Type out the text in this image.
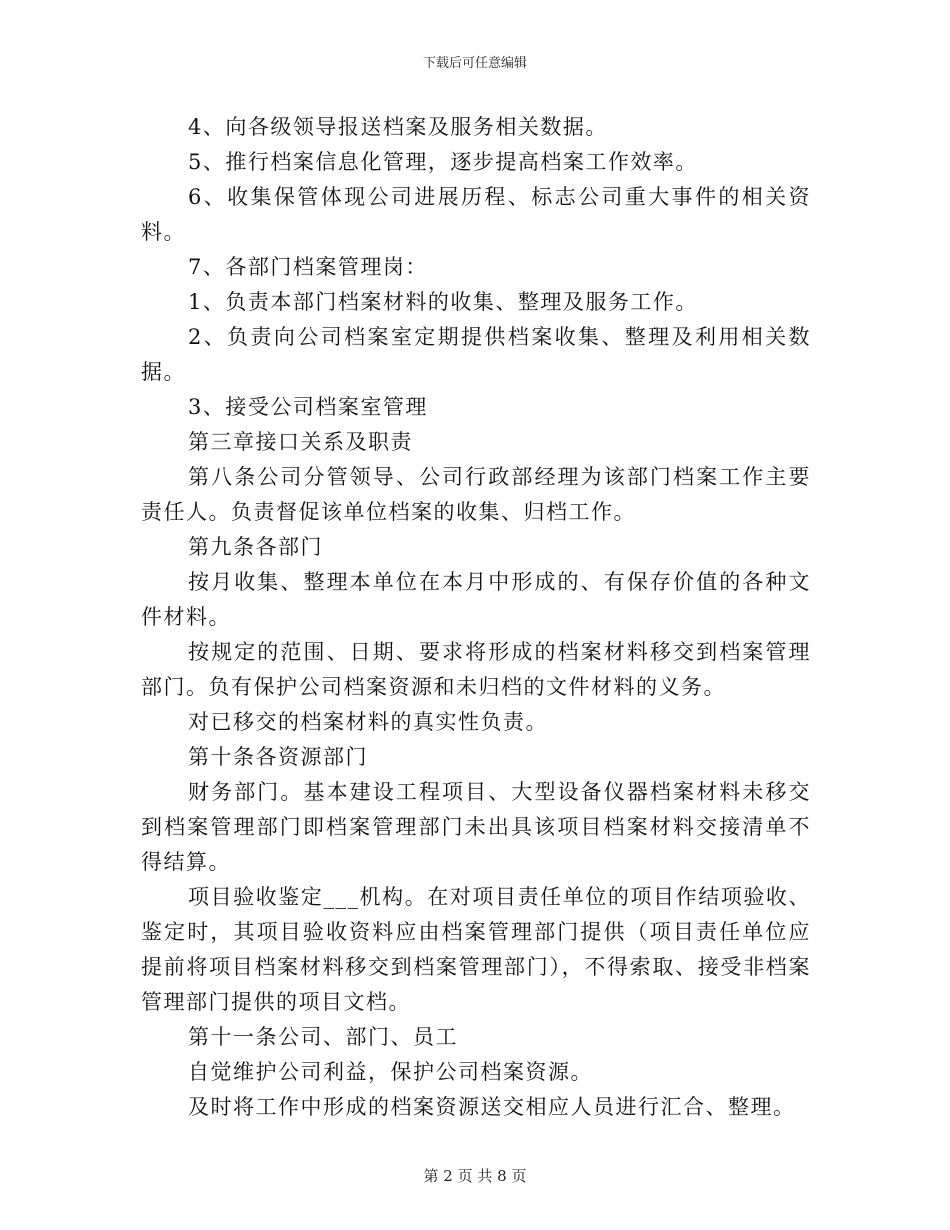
下载后可任意编辑

4、向各级领导报送档案及服务相关数据。

5、推行档案信息化管理，逐步提高档案工作效率。

6、收集保管体现公司进展历程、标志公司重大事件的相关资料。

7、各部门档案管理岗：

1、负责本部门档案材料的收集、整理及服务工作。

2、负责向公司档案室定期提供档案收集、整理及利用相关数据。

3、接受公司档案室管理

第三章接口关系及职责

第八条公司分管领导、公司行政部经理为该部门档案工作主要责任人。负责督促该单位档案的收集、归档工作。

第九条各部门

按月收集、整理本单位在本月中形成的、有保存价值的各种文件材料。

按规定的范围、日期、要求将形成的档案材料移交到档案管理部门。负有保护公司档案资源和未归档的文件材料的义务。

对已移交的档案材料的真实性负责。

第十条各资源部门

财务部门。基本建设工程项目、大型设备仪器档案材料未移交到档案管理部门即档案管理部门未出具该项目档案材料交接清单不得结算。

项目验收鉴定___机构。在对项目责任单位的项目作结项验收、鉴定时，其项目验收资料应由档案管理部门提供（项目责任单位应提前将项目档案材料移交到档案管理部门），不得索取、接受非档案管理部门提供的项目文档。

第十一条公司、部门、员工

自觉维护公司利益，保护公司档案资源。

及时将工作中形成的档案资源送交相应人员进行汇合、整理。

第 2 页 共 8 页
